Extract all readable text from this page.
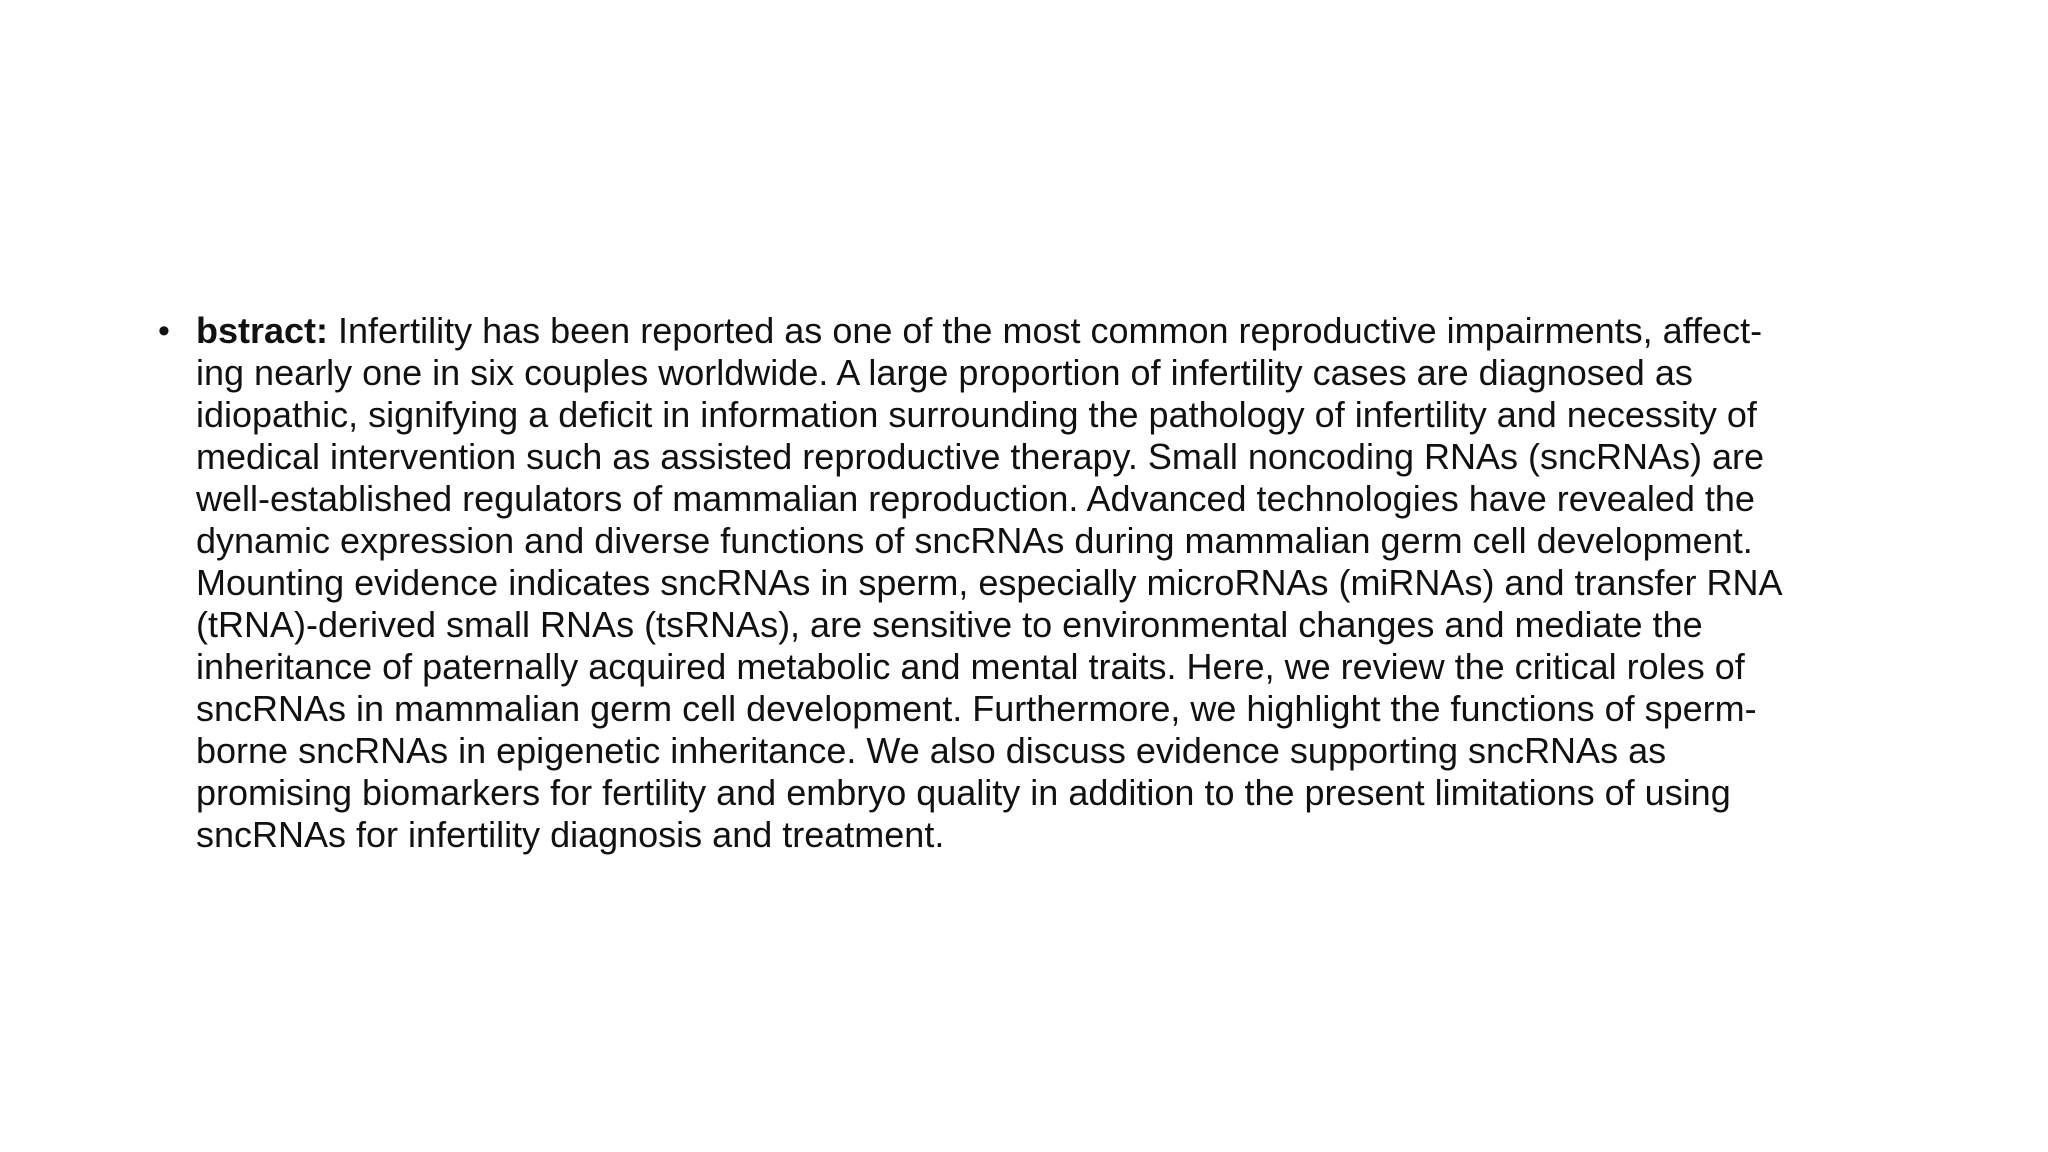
• bstract: Infertility has been reported as one of the most common reproductive impairments, affect-
ing nearly one in six couples worldwide. A large proportion of infertility cases are diagnosed as
idiopathic, signifying a deficit in information surrounding the pathology of infertility and necessity of
medical intervention such as assisted reproductive therapy. Small noncoding RNAs (sncRNAs) are
well-established regulators of mammalian reproduction. Advanced technologies have revealed the
dynamic expression and diverse functions of sncRNAs during mammalian germ cell development.
Mounting evidence indicates sncRNAs in sperm, especially microRNAs (miRNAs) and transfer RNA
(tRNA)-derived small RNAs (tsRNAs), are sensitive to environmental changes and mediate the
inheritance of paternally acquired metabolic and mental traits. Here, we review the critical roles of
sncRNAs in mammalian germ cell development. Furthermore, we highlight the functions of sperm-
borne sncRNAs in epigenetic inheritance. We also discuss evidence supporting sncRNAs as
promising biomarkers for fertility and embryo quality in addition to the present limitations of using
sncRNAs for infertility diagnosis and treatment.
